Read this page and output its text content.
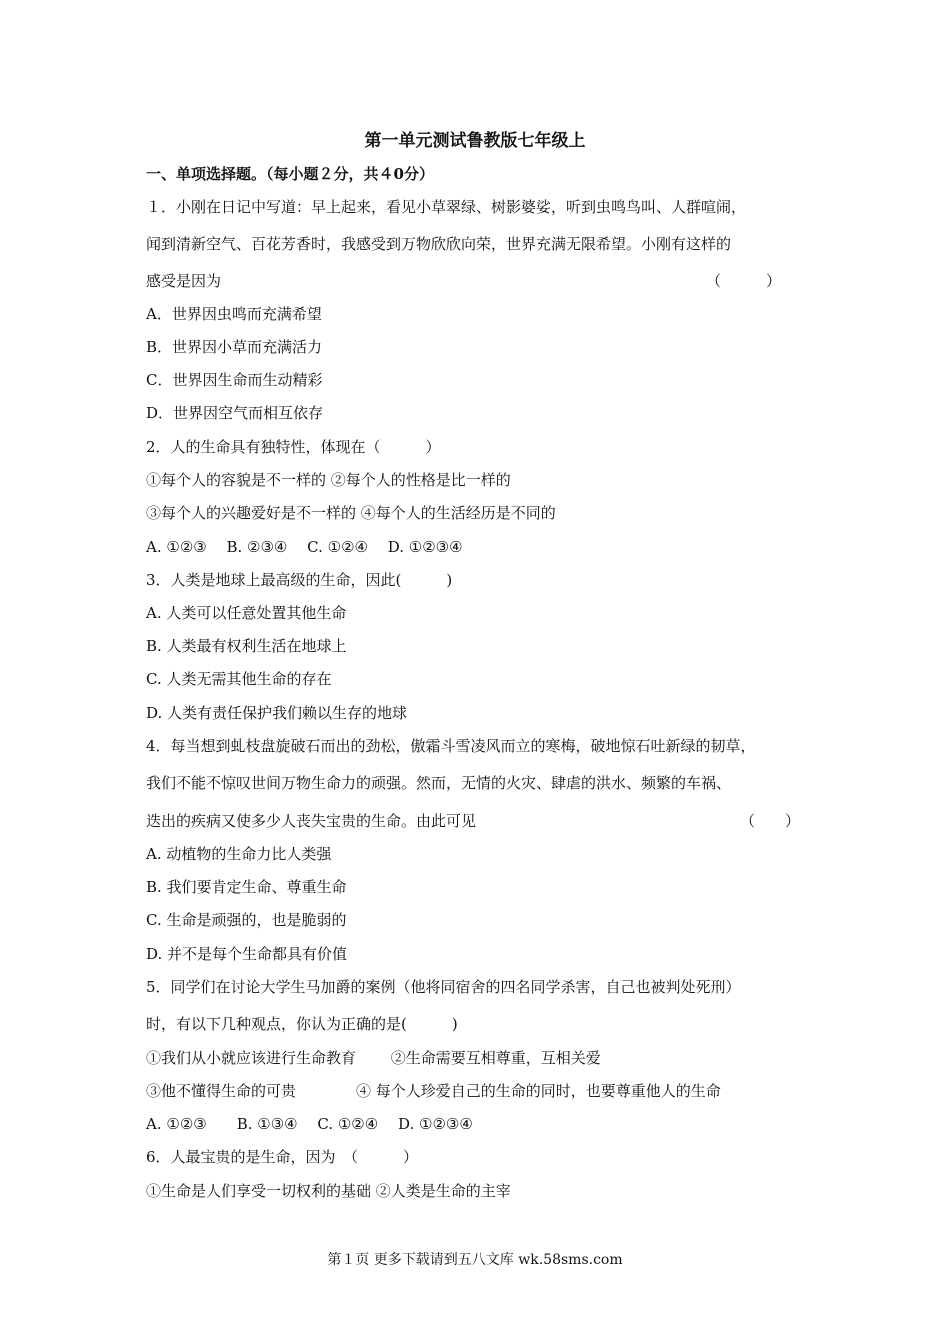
第一单元测试鲁教版七年级上
一、单项选择题。（每小题２分，共４0分）
１．小刚在日记中写道：早上起来，看见小草翠绿、树影婆娑，听到虫鸣鸟叫、人群喧闹，
闻到清新空气、百花芳香时，我感受到万物欣欣向荣，世界充满无限希望。小刚有这样的
感受是因为	（　　　）
A．世界因虫鸣而充满希望
B．世界因小草而充满活力
C．世界因生命而生动精彩
D．世界因空气而相互依存
2．人的生命具有独特性，体现在（　　　）
①每个人的容貌是不一样的 ②每个人的性格是比一样的
③每个人的兴趣爱好是不一样的 ④每个人的生活经历是不同的
A. ①②③　 B. ②③④　 C. ①②④　 D. ①②③④
3．人类是地球上最高级的生命，因此(　　　)
A. 人类可以任意处置其他生命
B. 人类最有权利生活在地球上
C. 人类无需其他生命的存在
D. 人类有责任保护我们赖以生存的地球
4．每当想到虬枝盘旋破石而出的劲松，傲霜斗雪凌风而立的寒梅，破地惊石吐新绿的韧草，
我们不能不惊叹世间万物生命力的顽强。然而，无情的火灾、肆虐的洪水、频繁的车祸、
迭出的疾病又使多少人丧失宝贵的生命。由此可见	（　　）
A. 动植物的生命力比人类强
B. 我们要肯定生命、尊重生命
C. 生命是顽强的，也是脆弱的
D. 并不是每个生命都具有价值
5．同学们在讨论大学生马加爵的案例（他将同宿舍的四名同学杀害，自己也被判处死刑）
时，有以下几种观点，你认为正确的是(　　　)
①我们从小就应该进行生命教育　　 ②生命需要互相尊重，互相关爱
③他不懂得生命的可贵　　　　④ 每个人珍爱自己的生命的同时，也要尊重他人的生命
A. ①②③　　B. ①③④　 C. ①②④　 D. ①②③④
6．人最宝贵的是生命，因为　（　　　）
①生命是人们享受一切权利的基础 ②人类是生命的主宰
第１页 更多下载请到五八文库 wk.58sms.com
